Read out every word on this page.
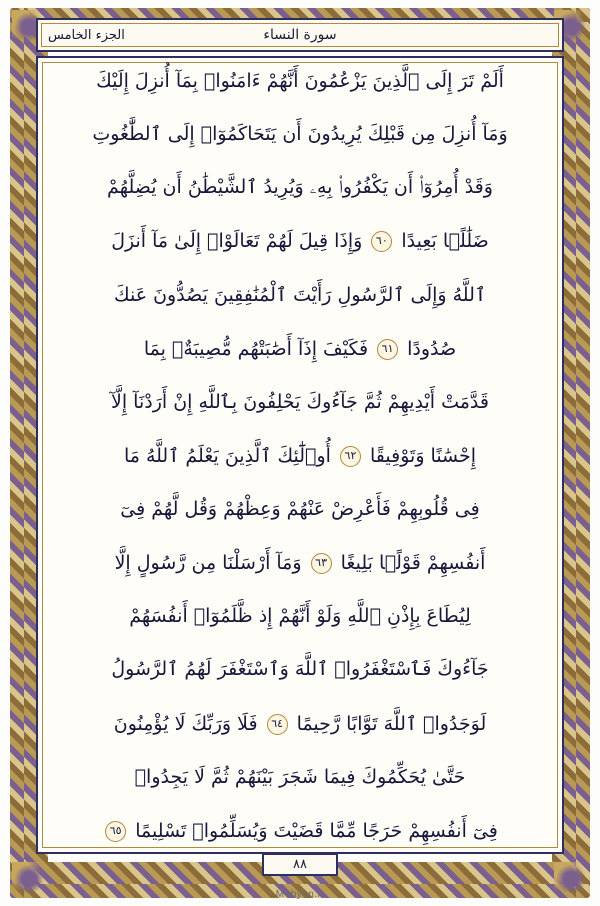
الجزء الخامس	سورة النساء
أَلَمْ تَرَ إِلَى ٱلَّذِينَ يَزْعُمُونَ أَنَّهُمْ ءَامَنُوا۟ بِمَآ أُنزِلَ إِلَيْكَ
وَمَآ أُنزِلَ مِن قَبْلِكَ يُرِيدُونَ أَن يَتَحَاكَمُوٓا۟ إِلَى ٱلطَّٰغُوتِ
وَقَدْ أُمِرُوٓا۟ أَن يَكْفُرُوا۟ بِهِۦ وَيُرِيدُ ٱلشَّيْطَٰنُ أَن يُضِلَّهُمْ
ضَلَٰلًۢا بَعِيدًا ٦٠ وَإِذَا قِيلَ لَهُمْ تَعَالَوْا۟ إِلَىٰ مَآ أَنزَلَ
ٱللَّهُ وَإِلَى ٱلرَّسُولِ رَأَيْتَ ٱلْمُنَٰفِقِينَ يَصُدُّونَ عَنكَ
صُدُودًا ٦١ فَكَيْفَ إِذَآ أَصَٰبَتْهُم مُّصِيبَةٌۢ بِمَا
قَدَّمَتْ أَيْدِيهِمْ ثُمَّ جَآءُوكَ يَحْلِفُونَ بِٱللَّهِ إِنْ أَرَدْنَآ إِلَّآ
إِحْسَٰنًا وَتَوْفِيقًا ٦٢ أُو۟لَٰٓئِكَ ٱلَّذِينَ يَعْلَمُ ٱللَّهُ مَا
فِى قُلُوبِهِمْ فَأَعْرِضْ عَنْهُمْ وَعِظْهُمْ وَقُل لَّهُمْ فِىٓ
أَنفُسِهِمْ قَوْلًۢا بَلِيغًا ٦٣ وَمَآ أَرْسَلْنَا مِن رَّسُولٍ إِلَّا
لِيُطَاعَ بِإِذْنِ ٱللَّهِ وَلَوْ أَنَّهُمْ إِذ ظَّلَمُوٓا۟ أَنفُسَهُمْ
جَآءُوكَ فَٱسْتَغْفَرُوا۟ ٱللَّهَ وَٱسْتَغْفَرَ لَهُمُ ٱلرَّسُولُ
لَوَجَدُوا۟ ٱللَّهَ تَوَّابًا رَّحِيمًا ٦٤ فَلَا وَرَبِّكَ لَا يُؤْمِنُونَ
حَتَّىٰ يُحَكِّمُوكَ فِيمَا شَجَرَ بَيْنَهُمْ ثُمَّ لَا يَجِدُوا۟
فِىٓ أَنفُسِهِمْ حَرَجًا مِّمَّا قَضَيْتَ وَيُسَلِّمُوا۟ تَسْلِيمًا ٦٥
٨٨
Mobyan.ir
